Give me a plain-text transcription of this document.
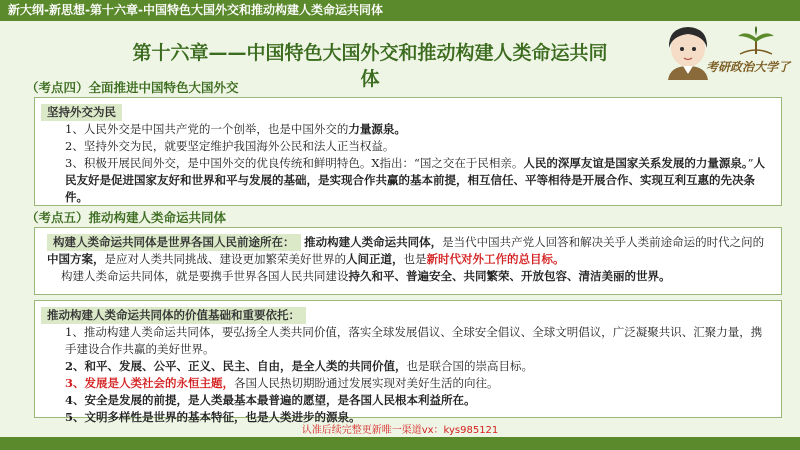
新大纲-新思想-第十六章-中国特色大国外交和推动构建人类命运共同体
第十六章——中国特色大国外交和推动构建人类命运共同
体
考研政治大学了
（考点四）全面推进中国特色大国外交
坚持外交为民
1、人民外交是中国共产党的一个创举，也是中国外交的力量源泉。
2、坚持外交为民，就要坚定维护我国海外公民和法人正当权益。
3、积极开展民间外交，是中国外交的优良传统和鲜明特色。X指出：“国之交在于民相亲。人民的深厚友谊是国家关系发展的力量源泉。”人民友好是促进国家友好和世界和平与发展的基础，是实现合作共赢的基本前提，相互信任、平等相待是开展合作、实现互利互惠的先决条件。
（考点五）推动构建人类命运共同体
构建人类命运共同体是世界各国人民前途所在： 推动构建人类命运共同体，是当代中国共产党人回答和解决关乎人类前途命运的时代之问的中国方案，是应对人类共同挑战、建设更加繁荣美好世界的人间正道，也是新时代对外工作的总目标。
构建人类命运共同体，就是要携手世界各国人民共同建设持久和平、普遍安全、共同繁荣、开放包容、清洁美丽的世界。
推动构建人类命运共同体的价值基础和重要依托：
1、推动构建人类命运共同体，要弘扬全人类共同价值，落实全球发展倡议、全球安全倡议、全球文明倡议，广泛凝聚共识、汇聚力量，携手建设合作共赢的美好世界。
2、和平、发展、公平、正义、民主、自由，是全人类的共同价值，也是联合国的崇高目标。
3、发展是人类社会的永恒主题，各国人民热切期盼通过发展实现对美好生活的向往。
4、安全是发展的前提，是人类最基本最普遍的愿望，是各国人民根本利益所在。
5、文明多样性是世界的基本特征，也是人类进步的源泉。
认准后续完整更新唯一渠道vx：kys985121
